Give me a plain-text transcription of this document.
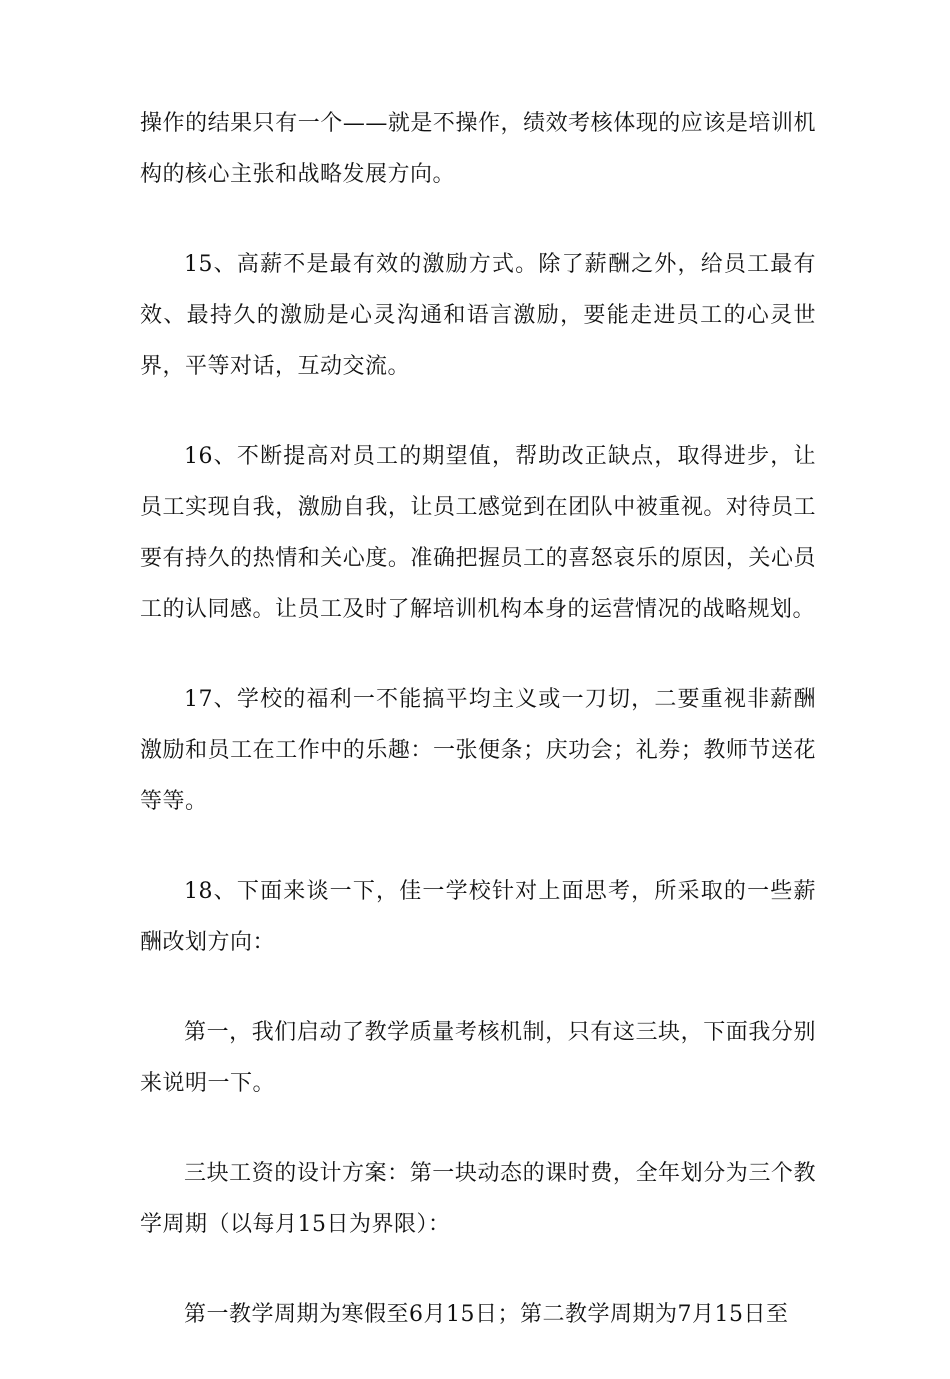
操作的结果只有一个——就是不操作，绩效考核体现的应该是培训机构的核心主张和战略发展方向。

15、高薪不是最有效的激励方式。除了薪酬之外，给员工最有效、最持久的激励是心灵沟通和语言激励，要能走进员工的心灵世界，平等对话，互动交流。

16、不断提高对员工的期望值，帮助改正缺点，取得进步，让员工实现自我，激励自我，让员工感觉到在团队中被重视。对待员工要有持久的热情和关心度。准确把握员工的喜怒哀乐的原因，关心员工的认同感。让员工及时了解培训机构本身的运营情况的战略规划。

17、学校的福利一不能搞平均主义或一刀切，二要重视非薪酬激励和员工在工作中的乐趣：一张便条；庆功会；礼券；教师节送花等等。

18、下面来谈一下，佳一学校针对上面思考，所采取的一些薪酬改划方向：

第一，我们启动了教学质量考核机制，只有这三块，下面我分别来说明一下。

三块工资的设计方案：第一块动态的课时费，全年划分为三个教学周期（以每月15日为界限）：

第一教学周期为寒假至6月15日；第二教学周期为7月15日至
